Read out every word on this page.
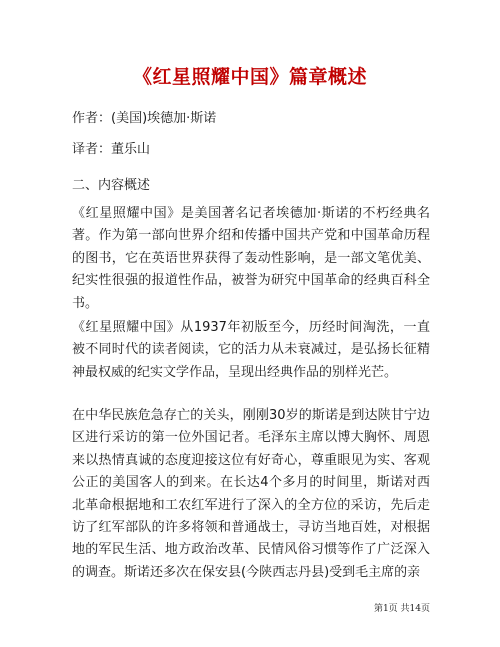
《红星照耀中国》篇章概述
作者：(美国)埃德加·斯诺
译者：董乐山
二、内容概述
《红星照耀中国》是美国著名记者埃德加·斯诺的不朽经典名著。作为第一部向世界介绍和传播中国共产党和中国革命历程的图书，它在英语世界获得了轰动性影响，是一部文笔优美、纪实性很强的报道性作品，被誉为研究中国革命的经典百科全书。
《红星照耀中国》从1937年初版至今，历经时间淘洗，一直被不同时代的读者阅读，它的活力从未衰减过，是弘扬长征精神最权威的纪实文学作品，呈现出经典作品的别样光芒。
在中华民族危急存亡的关头，刚刚30岁的斯诺是到达陕甘宁边区进行采访的第一位外国记者。毛泽东主席以博大胸怀、周恩来以热情真诚的态度迎接这位有好奇心，尊重眼见为实、客观公正的美国客人的到来。在长达4个多月的时间里，斯诺对西北革命根据地和工农红军进行了深入的全方位的采访，先后走访了红军部队的许多将领和普通战士，寻访当地百姓，对根据地的军民生活、地方政治改革、民情风俗习惯等作了广泛深入的调查。斯诺还多次在保安县(今陕西志丹县)受到毛主席的亲
第1页 共14页
